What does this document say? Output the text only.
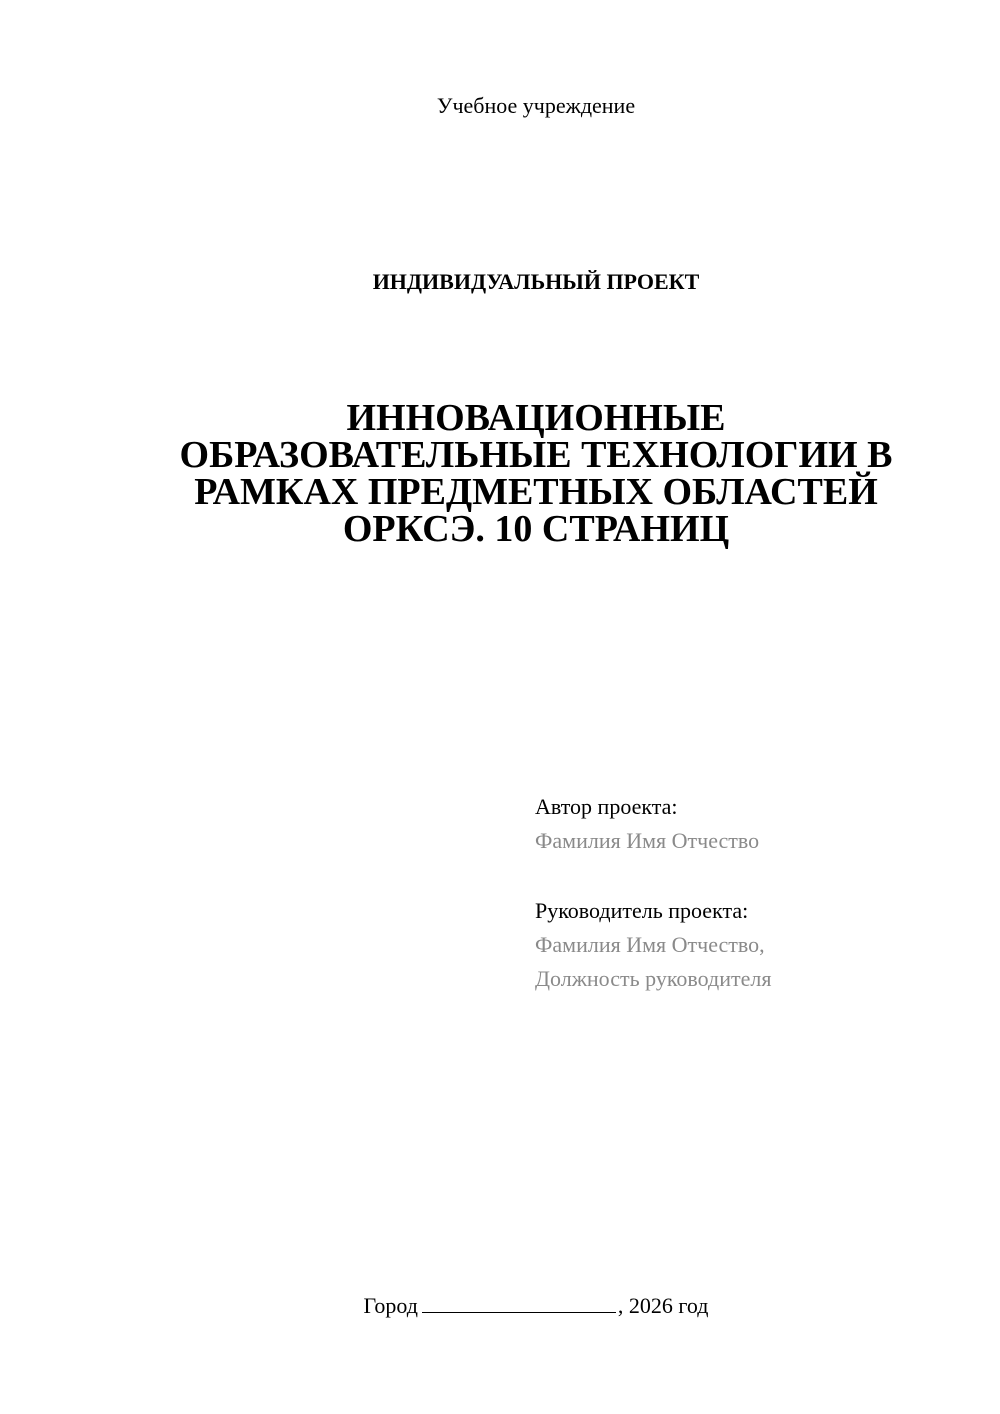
Учебное учреждение
ИНДИВИДУАЛЬНЫЙ ПРОЕКТ
ИННОВАЦИОННЫЕ
ОБРАЗОВАТЕЛЬНЫЕ ТЕХНОЛОГИИ В
РАМКАХ ПРЕДМЕТНЫХ ОБЛАСТЕЙ
ОРКСЭ. 10 СТРАНИЦ
Автор проекта:
Фамилия Имя Отчество
Руководитель проекта:
Фамилия Имя Отчество,
Должность руководителя
Город	, 2026 год
